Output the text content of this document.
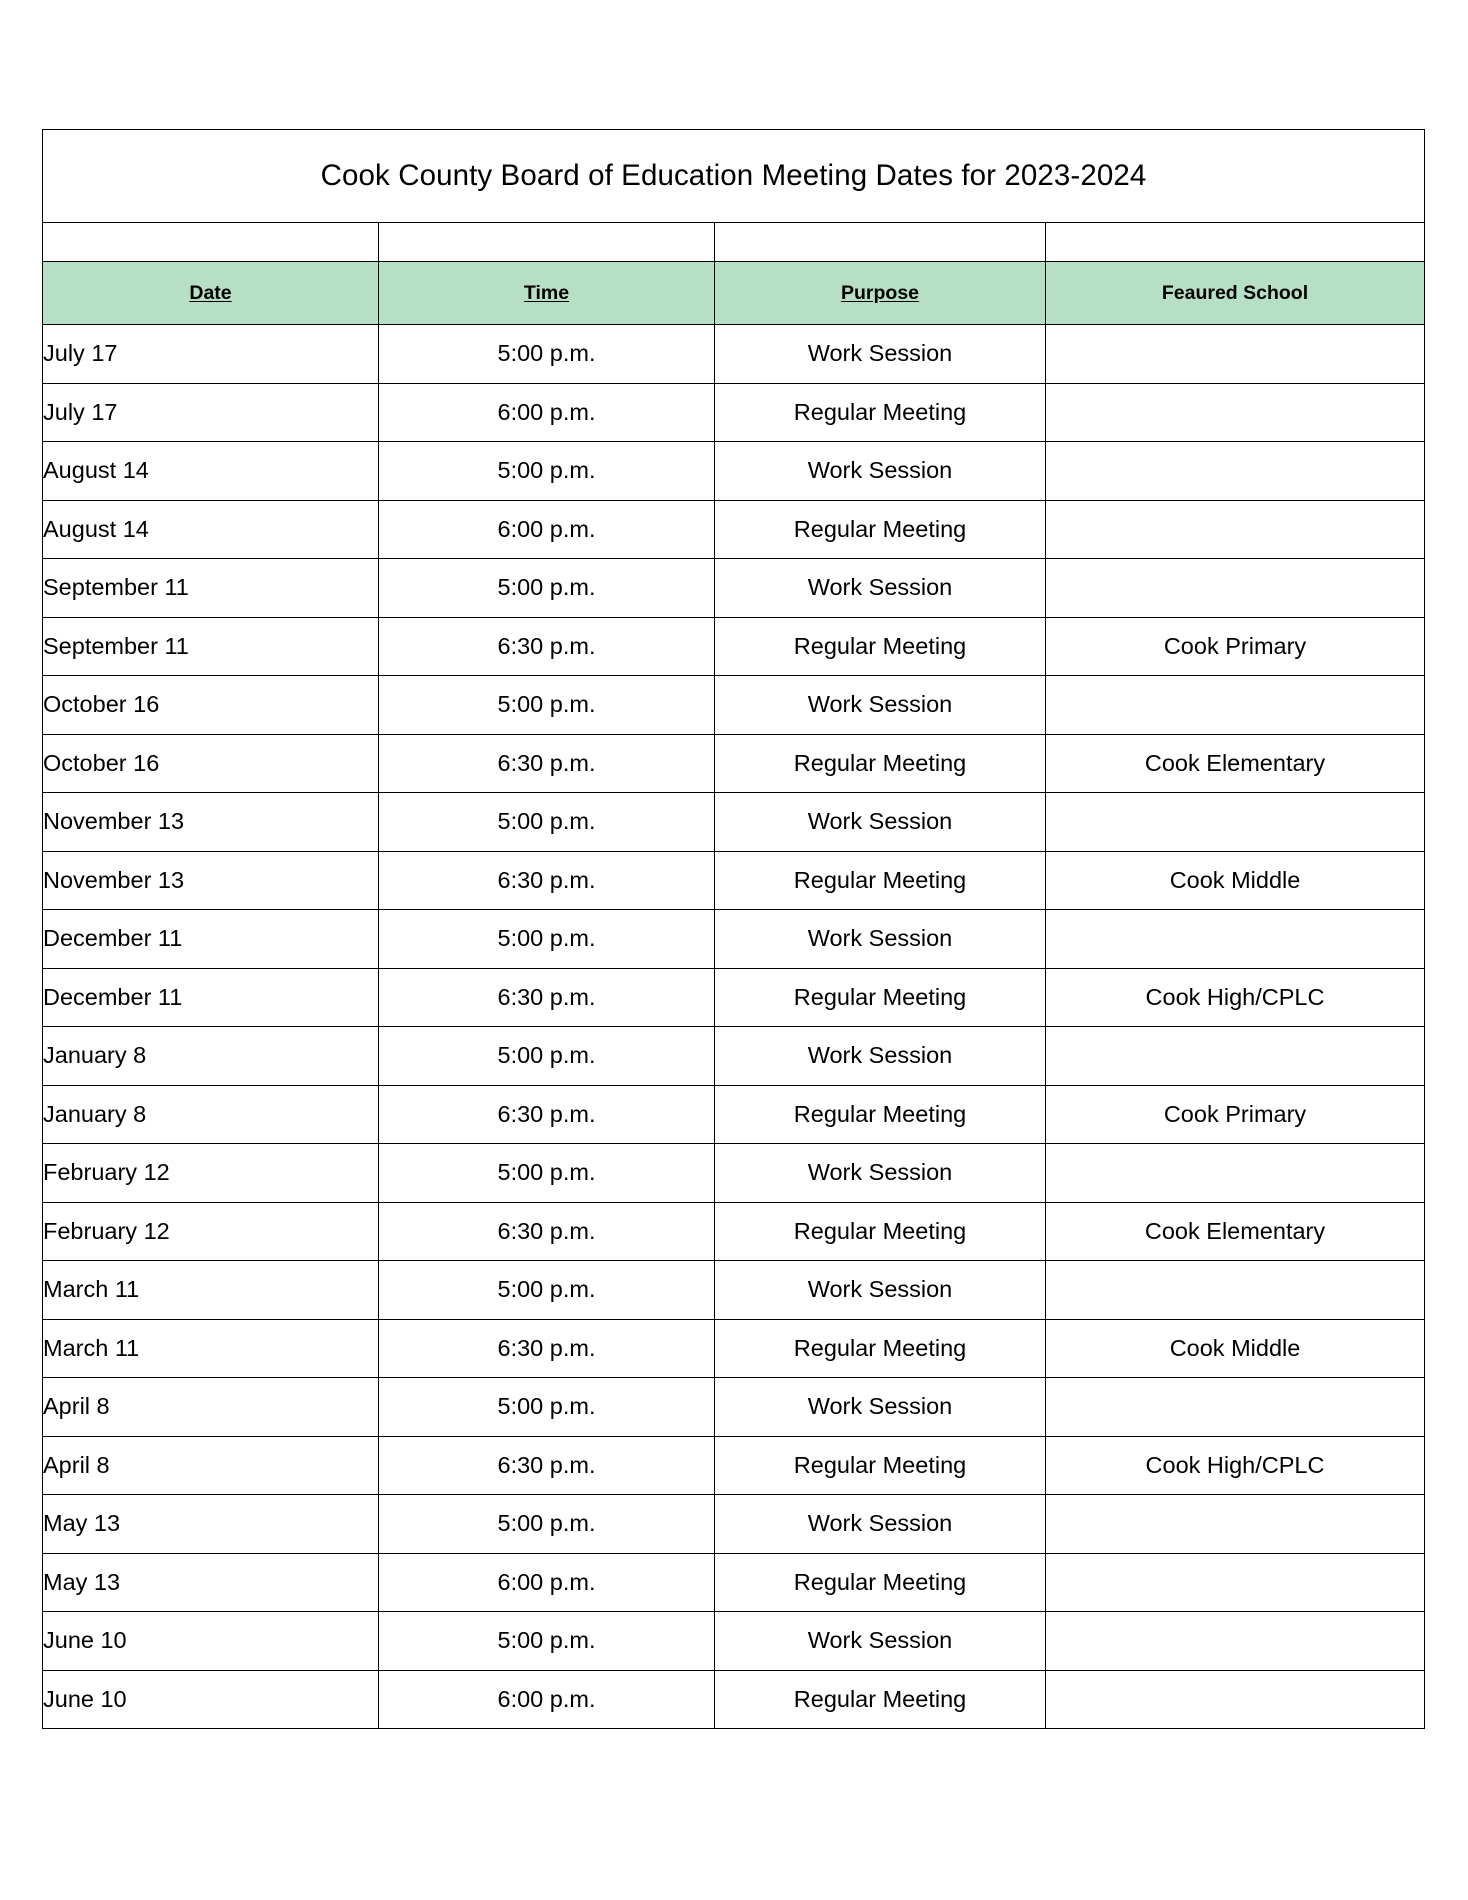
Cook County Board of Education Meeting Dates for 2023-2024			

Date	Time	Purpose	Feaured School
July 17	5:00 p.m.	Work Session	
July 17	6:00 p.m.	Regular Meeting	
August 14	5:00 p.m.	Work Session	
August 14	6:00 p.m.	Regular Meeting	
September 11	5:00 p.m.	Work Session	
September 11	6:30 p.m.	Regular Meeting	Cook Primary
October 16	5:00 p.m.	Work Session	
October 16	6:30 p.m.	Regular Meeting	Cook Elementary
November 13	5:00 p.m.	Work Session	
November 13	6:30 p.m.	Regular Meeting	Cook Middle
December 11	5:00 p.m.	Work Session	
December 11	6:30 p.m.	Regular Meeting	Cook High/CPLC
January 8	5:00 p.m.	Work Session	
January 8	6:30 p.m.	Regular Meeting	Cook Primary
February 12	5:00 p.m.	Work Session	
February 12	6:30 p.m.	Regular Meeting	Cook Elementary
March 11	5:00 p.m.	Work Session	
March 11	6:30 p.m.	Regular Meeting	Cook Middle
April 8	5:00 p.m.	Work Session	
April 8	6:30 p.m.	Regular Meeting	Cook High/CPLC
May 13	5:00 p.m.	Work Session	
May 13	6:00 p.m.	Regular Meeting	
June 10	5:00 p.m.	Work Session	
June 10	6:00 p.m.	Regular Meeting	
